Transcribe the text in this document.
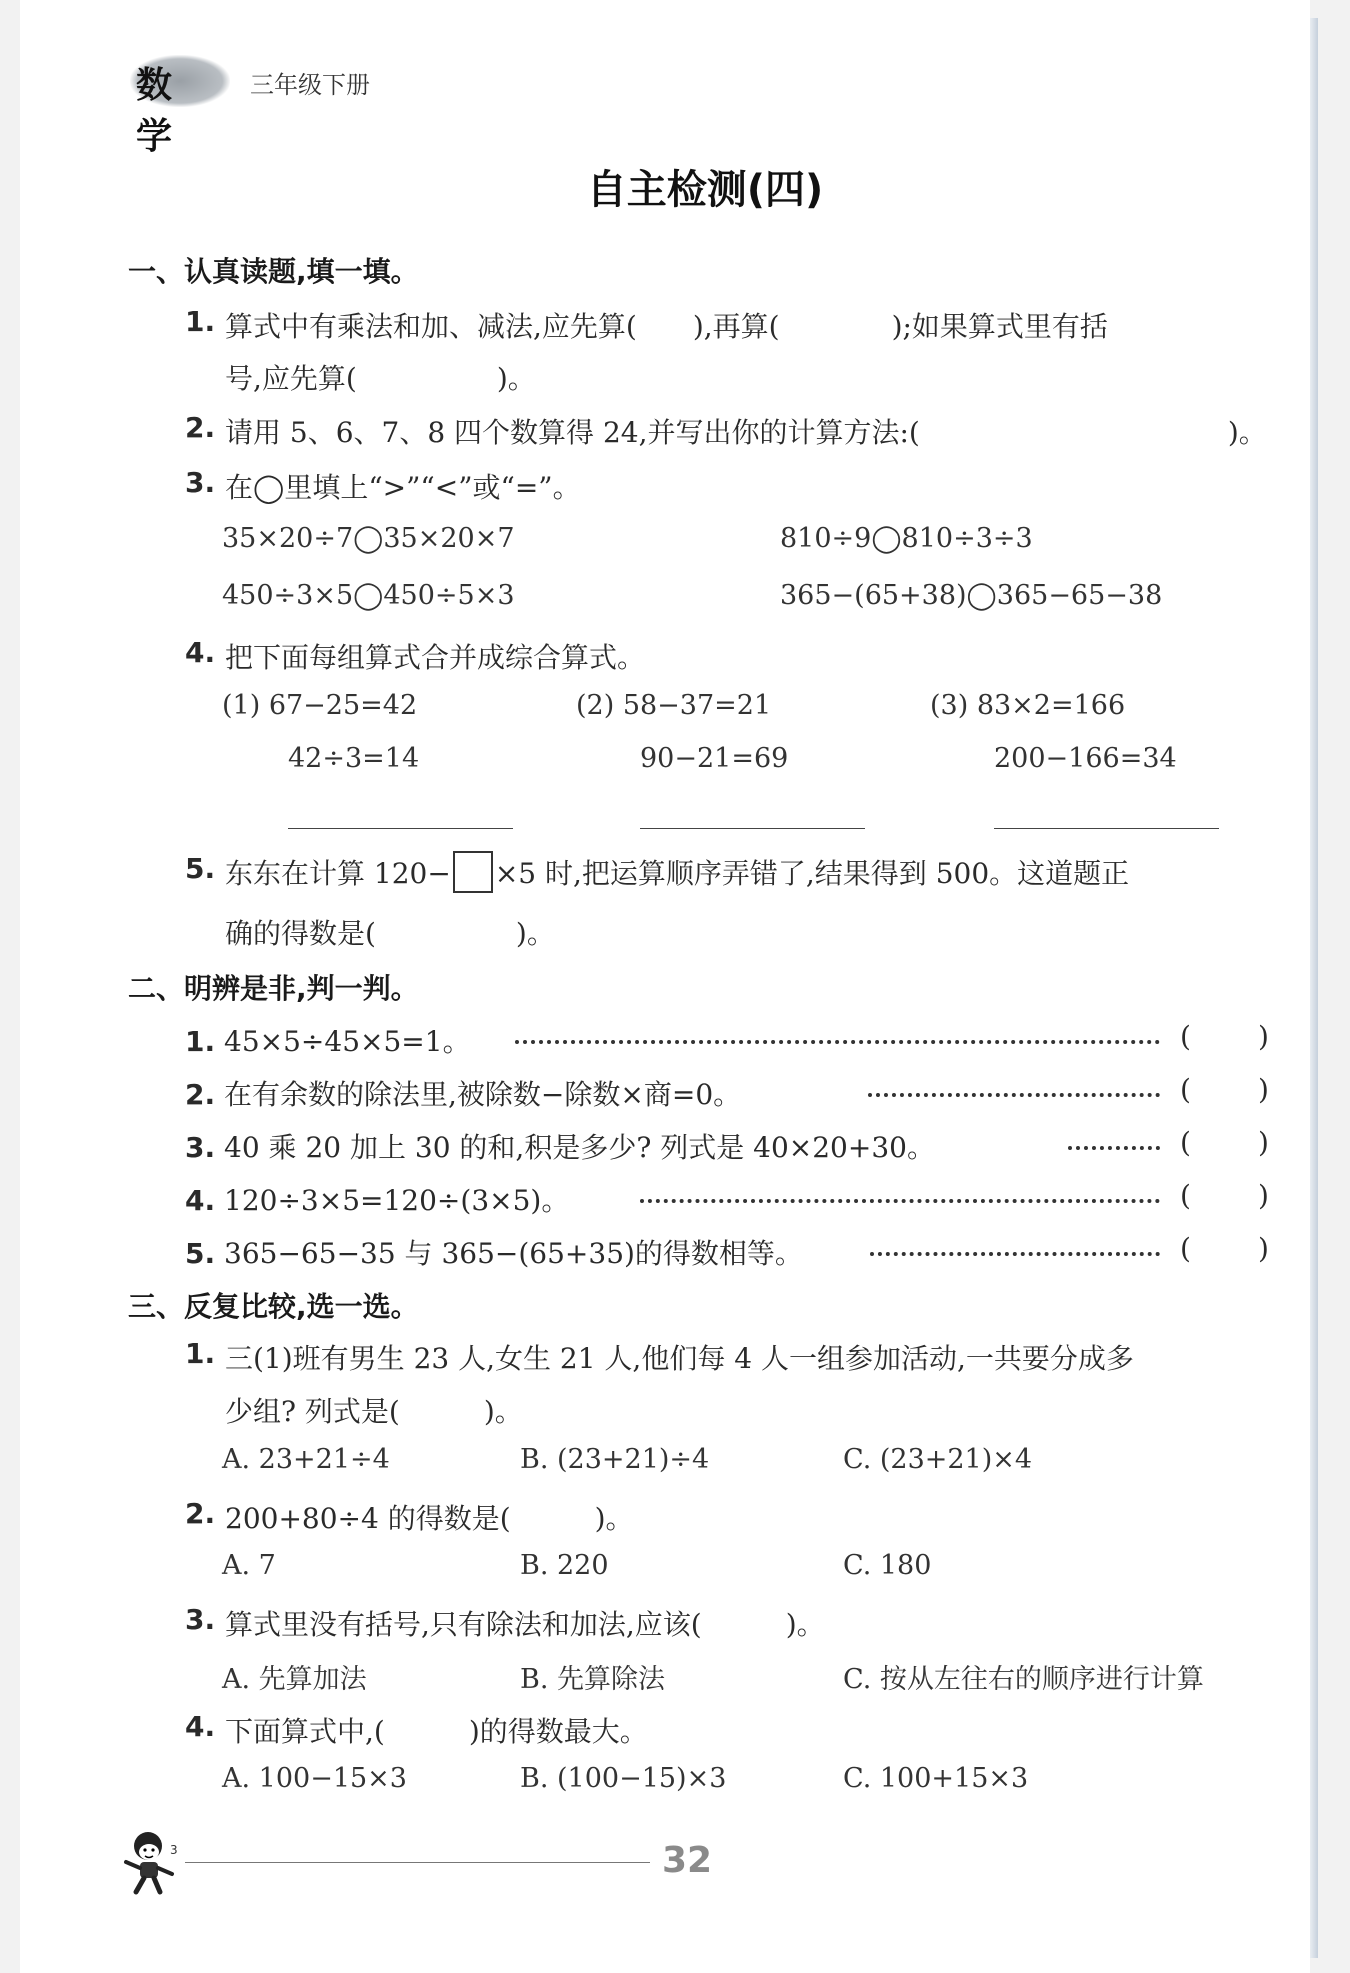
数学
三年级下册
自主检测(四)
一、认真读题,填一填。
1. 算式中有乘法和加、减法,应先算(　　),再算(　　　　);如果算式里有括
号,应先算(　　　　　)。
2. 请用 5、6、7、8 四个数算得 24,并写出你的计算方法:(　　　　　　　　　　　)。
3. 在◯里填上“>”“<”或“=”。
35×20÷7◯35×20×7	810÷9◯810÷3÷3
450÷3×5◯450÷5×3	365−(65+38)◯365−65−38
4. 把下面每组算式合并成综合算式。
(1) 67−25=42
42÷3=14
(2) 58−37=21
90−21=69
(3) 83×2=166
200−166=34
5. 东东在计算 120− ×5 时,把运算顺序弄错了,结果得到 500。这道题正
确的得数是(　　　　　)。
二、明辨是非,判一判。
1. 45×5÷45×5=1。	( )
2. 在有余数的除法里,被除数−除数×商=0。	( )
3. 40 乘 20 加上 30 的和,积是多少? 列式是 40×20+30。	( )
4. 120÷3×5=120÷(3×5)。	( )
5. 365−65−35 与 365−(65+35)的得数相等。	( )
三、反复比较,选一选。
1. 三(1)班有男生 23 人,女生 21 人,他们每 4 人一组参加活动,一共要分成多
少组? 列式是(　　　)。
A. 23+21÷4	B. (23+21)÷4	C. (23+21)×4
2. 200+80÷4 的得数是(　　　)。
A. 7	B. 220	C. 180
3. 算式里没有括号,只有除法和加法,应该(　　　)。
A. 先算加法	B. 先算除法	C. 按从左往右的顺序进行计算
4. 下面算式中,(　　　)的得数最大。
A. 100−15×3	B. (100−15)×3	C. 100+15×3
3	32
